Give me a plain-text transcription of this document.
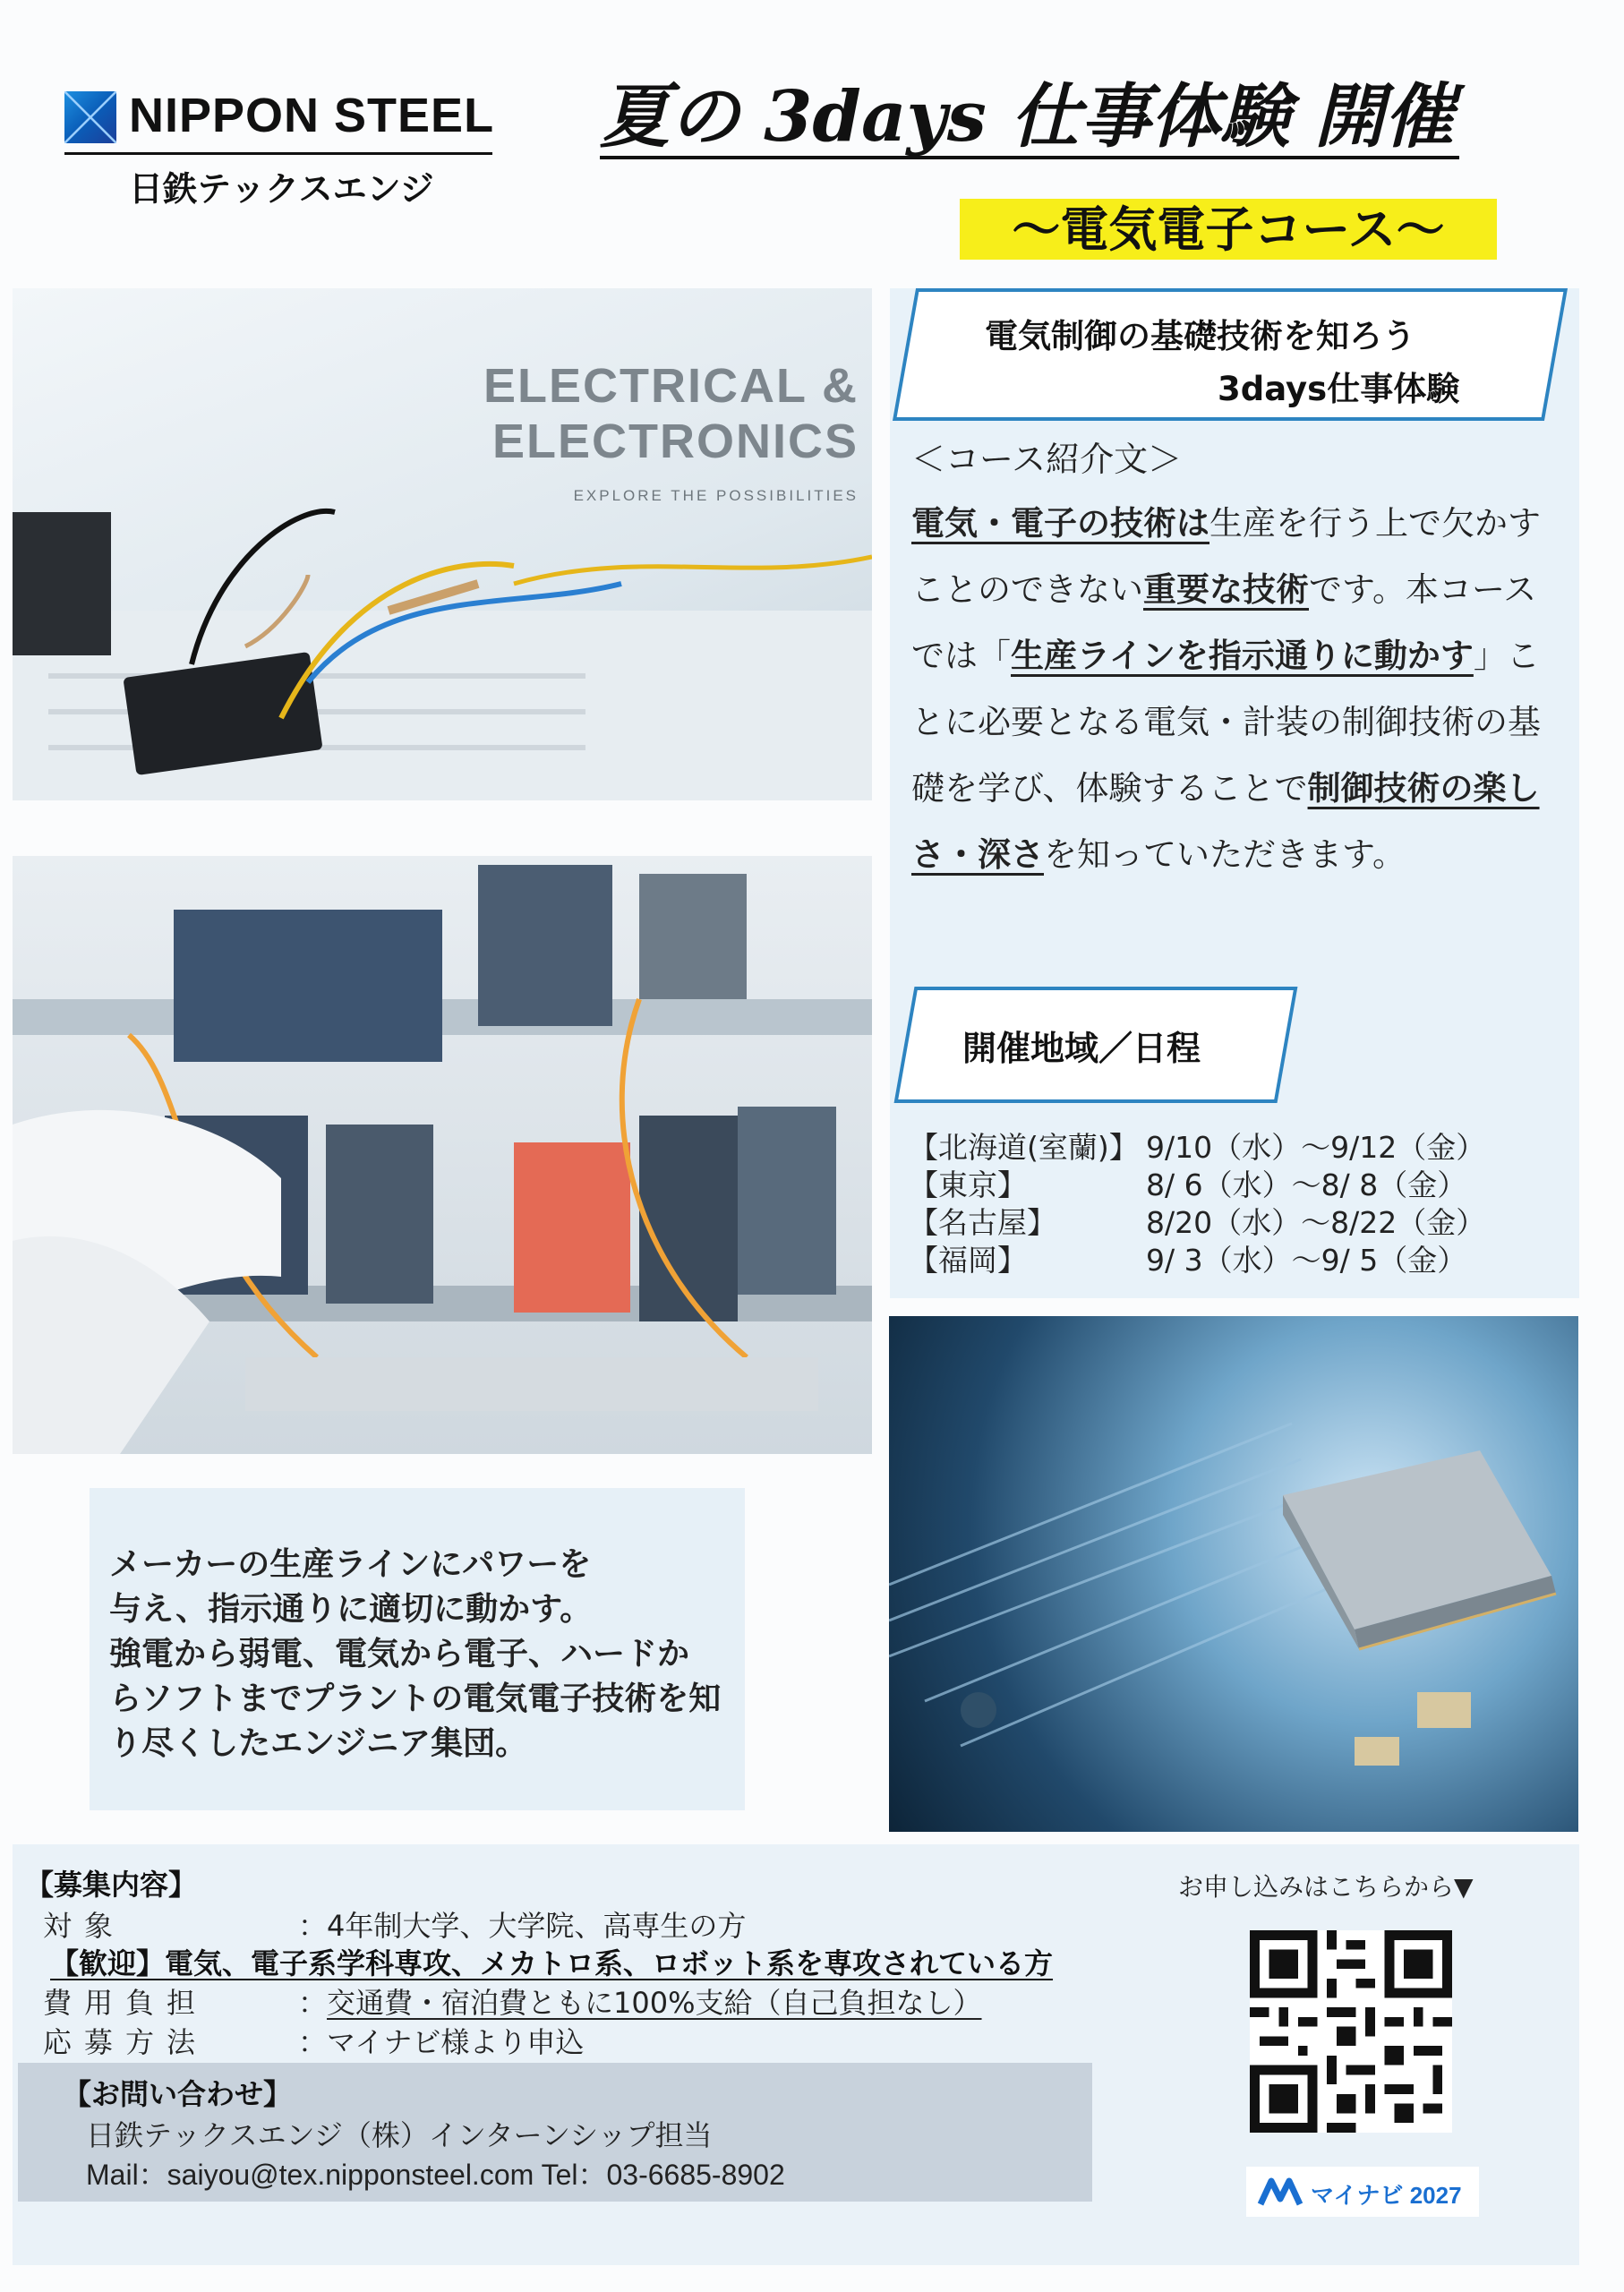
NIPPON STEEL
日鉄テックスエンジ
夏の 3days 仕事体験 開催
～電気電子コース～
ELECTRICAL &
ELECTRONICS
EXPLORE THE POSSIBILITIES
電気制御の基礎技術を知ろう
3days仕事体験
＜コース紹介文＞
電気・電子の技術は生産を行う上で欠かすことのできない重要な技術です。本コースでは「生産ラインを指示通りに動かす」ことに必要となる電気・計装の制御技術の基礎を学び、体験することで制御技術の楽しさ・深さを知っていただきます。
開催地域／日程
【北海道(室蘭)】 9/10（水）～9/12（金）
【東京】	8/ 6（水）～8/ 8（金）
【名古屋】	8/20（水）～8/22（金）
【福岡】	9/ 3（水）～9/ 5（金）
メーカーの生産ラインにパワーを
与え、指示通りに適切に動かす。
強電から弱電、電気から電子、ハードか
らソフトまでプラントの電気電子技術を知
り尽くしたエンジニア集団。
【募集内容】
対象	：4年制大学、大学院、高専生の方
【歓迎】電気、電子系学科専攻、メカトロ系、ロボット系を専攻されている方
費用負担	：交通費・宿泊費ともに100%支給（自己負担なし）
応募方法	：マイナビ様より申込
【お問い合わせ】
日鉄テックスエンジ（株）インターンシップ担当
Mail：saiyou@tex.nipponsteel.com Tel：03-6685-8902
お申し込みはこちらから▼
マイナビ 2027
